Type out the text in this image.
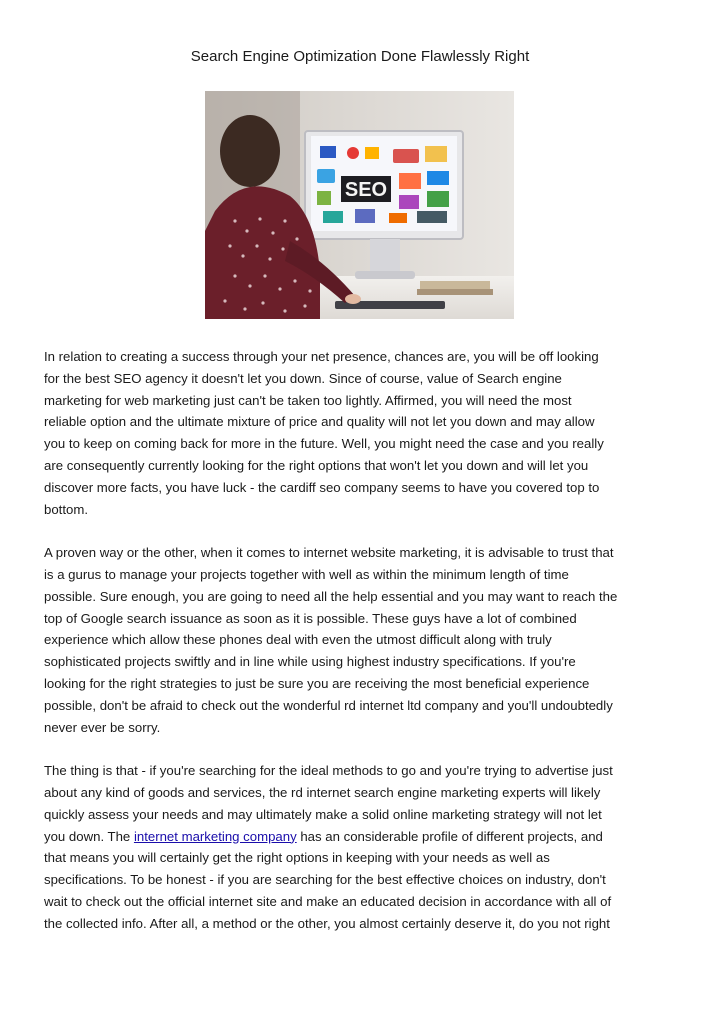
Search Engine Optimization Done Flawlessly Right
SEO

In relation to creating a success through your net presence, chances are, you will be off looking
for the best SEO agency it doesn't let you down. Since of course, value of Search engine
marketing for web marketing just can't be taken too lightly. Affirmed, you will need the most
reliable option and the ultimate mixture of price and quality will not let you down and may allow
you to keep on coming back for more in the future. Well, you might need the case and you really
are consequently currently looking for the right options that won't let you down and will let you
discover more facts, you have luck - the cardiff seo company seems to have you covered top to
bottom.

A proven way or the other, when it comes to internet website marketing, it is advisable to trust that
is a gurus to manage your projects together with well as within the minimum length of time
possible. Sure enough, you are going to need all the help essential and you may want to reach the
top of Google search issuance as soon as it is possible. These guys have a lot of combined
experience which allow these phones deal with even the utmost difficult along with truly
sophisticated projects swiftly and in line while using highest industry specifications. If you're
looking for the right strategies to just be sure you are receiving the most beneficial experience
possible, don't be afraid to check out the wonderful rd internet ltd company and you'll undoubtedly
never ever be sorry.

The thing is that - if you're searching for the ideal methods to go and you're trying to advertise just
about any kind of goods and services, the rd internet search engine marketing experts will likely
quickly assess your needs and may ultimately make a solid online marketing strategy will not let
you down. The internet marketing company has an considerable profile of different projects, and
that means you will certainly get the right options in keeping with your needs as well as
specifications. To be honest - if you are searching for the best effective choices on industry, don't
wait to check out the official internet site and make an educated decision in accordance with all of
the collected info. After all, a method or the other, you almost certainly deserve it, do you not right
